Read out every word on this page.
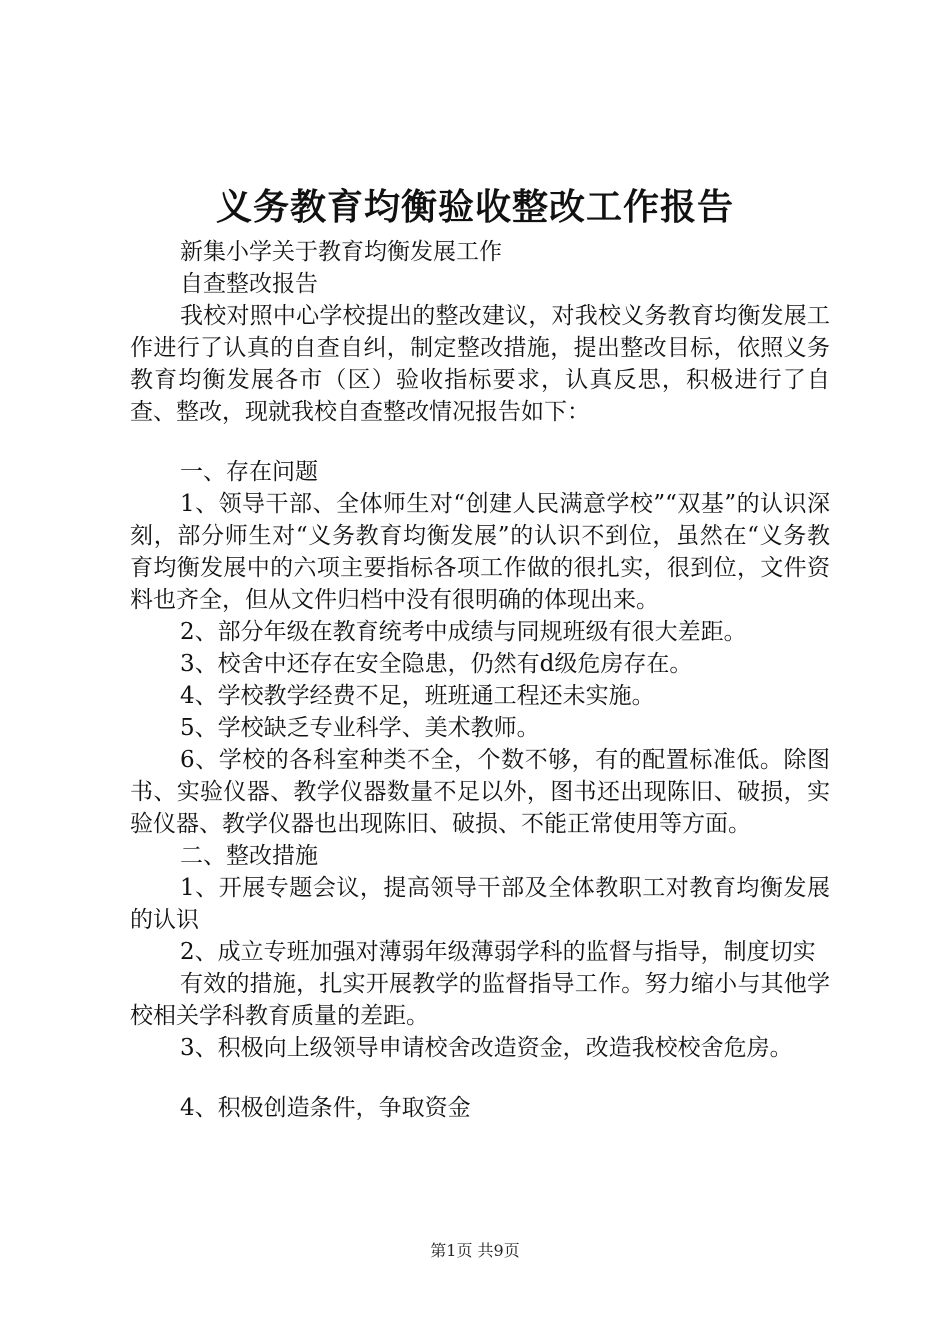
义务教育均衡验收整改工作报告

新集小学关于教育均衡发展工作

自查整改报告

我校对照中心学校提出的整改建议，对我校义务教育均衡发展工作进行了认真的自查自纠，制定整改措施，提出整改目标，依照义务教育均衡发展各市（区）验收指标要求，认真反思，积极进行了自查、整改，现就我校自查整改情况报告如下：

一、存在问题

1、领导干部、全体师生对“创建人民满意学校”“双基”的认识深刻，部分师生对“义务教育均衡发展”的认识不到位，虽然在“义务教育均衡发展中的六项主要指标各项工作做的很扎实，很到位，文件资料也齐全，但从文件归档中没有很明确的体现出来。

2、部分年级在教育统考中成绩与同规班级有很大差距。

3、校舍中还存在安全隐患，仍然有d级危房存在。

4、学校教学经费不足，班班通工程还未实施。

5、学校缺乏专业科学、美术教师。

6、学校的各科室种类不全，个数不够，有的配置标准低。除图书、实验仪器、教学仪器数量不足以外，图书还出现陈旧、破损，实验仪器、教学仪器也出现陈旧、破损、不能正常使用等方面。

二、整改措施

1、开展专题会议，提高领导干部及全体教职工对教育均衡发展的认识

2、成立专班加强对薄弱年级薄弱学科的监督与指导，制度切实

有效的措施，扎实开展教学的监督指导工作。努力缩小与其他学校相关学科教育质量的差距。

3、积极向上级领导申请校舍改造资金，改造我校校舍危房。

4、积极创造条件，争取资金

第1页 共9页
